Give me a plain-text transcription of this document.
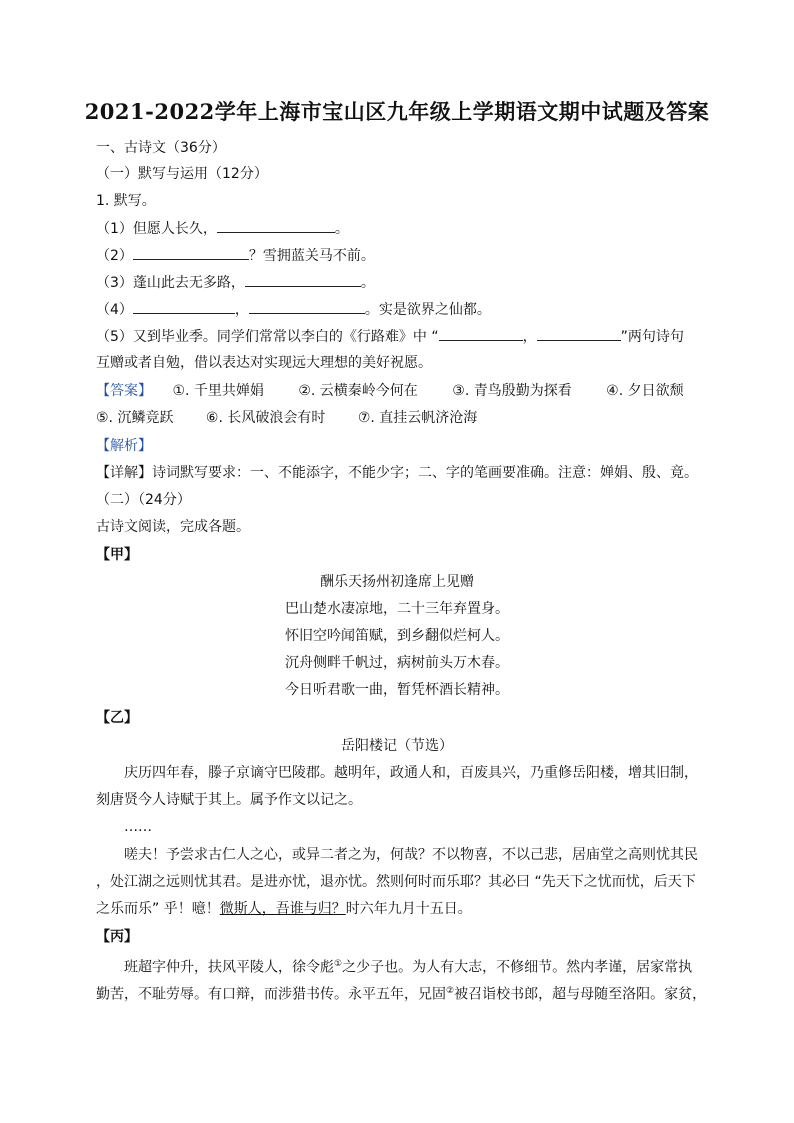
2021-2022学年上海市宝山区九年级上学期语文期中试题及答案
一、古诗文（36分）
（一）默写与运用（12分）
1. 默写。
（1）但愿人长久，	。
（2）	？雪拥蓝关马不前。
（3）蓬山此去无多路，	。
（4）	，	。实是欲界之仙都。
（5）又到毕业季。同学们常常以李白的《行路难》中 “	，	”两句诗句
互赠或者自勉，借以表达对实现远大理想的美好祝愿。
【答案】 ①. 千里共婵娟 ②. 云横秦岭今何在 ③. 青鸟殷勤为探看 ④. 夕日欲颓
⑤. 沉鳞竞跃 ⑥. 长风破浪会有时 ⑦. 直挂云帆济沧海
【解析】
【详解】诗词默写要求：一、不能添字，不能少字；二、字的笔画要准确。注意：婵娟、殷、竟。
（二）（24分）
古诗文阅读，完成各题。
【甲】
酬乐天扬州初逢席上见赠
巴山楚水凄凉地，二十三年弃置身。
怀旧空吟闻笛赋，到乡翻似烂柯人。
沉舟侧畔千帆过，病树前头万木春。
今日听君歌一曲，暂凭杯酒长精神。
【乙】
岳阳楼记（节选）
庆历四年春，滕子京谪守巴陵郡。越明年，政通人和，百废具兴，乃重修岳阳楼，增其旧制，
刻唐贤今人诗赋于其上。属予作文以记之。
……
嗟夫！予尝求古仁人之心，或异二者之为，何哉？不以物喜，不以己悲，居庙堂之高则忧其民
，处江湖之远则忧其君。是进亦忧，退亦忧。然则何时而乐耶？其必曰 “先天下之忧而忧，后天下
之乐而乐” 乎！噫！微斯人，吾谁与归？时六年九月十五日。
【丙】
班超字仲升，扶风平陵人，徐令彪①之少子也。为人有大志，不修细节。然内孝谨，居家常执
勤苦，不耻劳辱。有口辩，而涉猎书传。永平五年，兄固②被召诣校书郎，超与母随至洛阳。家贫，
